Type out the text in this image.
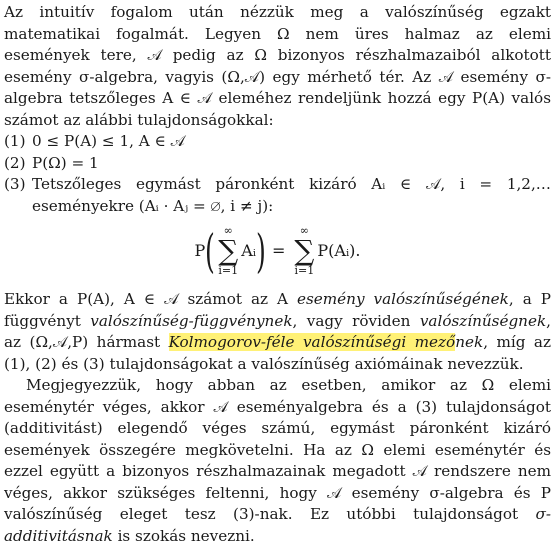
Az intuitív fogalom után nézzük meg a valószínűség egzakt matematikai fogalmát. Legyen Ω nem üres halmaz az elemi események tere, 𝒜 pedig az Ω bizonyos részhalmazaiból alkotott esemény σ-algebra, vagyis (Ω,𝒜) egy mérhető tér. Az 𝒜 esemény σ-algebra tetszőleges A ∈ 𝒜 eleméhez rendeljünk hozzá egy P(A) valós számot az alábbi tulajdonságokkal:

(1) 0 ≤ P(A) ≤ 1, A ∈ 𝒜
(2) P(Ω) = 1
(3) Tetszőleges egymást páronként kizáró Aᵢ ∈ 𝒜, i = 1,2,… eseményekre (Aᵢ · Aⱼ = ∅, i ≠ j):
P ( ∞
∑
i=1
Aᵢ ) =
∞
∑
i=1
P(Aᵢ).

Ekkor a P(A), A ∈ 𝒜 számot az A esemény valószínűségének, a P függvényt valószínűség-függvénynek, vagy röviden valószínűségnek, az (Ω,𝒜,P) hármast Kolmogorov-féle valószínűségi mezőnek, míg az (1), (2) és (3) tulajdonságokat a valószínűség axiómáinak nevezzük.

Megjegyezzük, hogy abban az esetben, amikor az Ω elemi eseménytér véges, akkor 𝒜 eseményalgebra és a (3) tulajdonságot (additivitást) elegendő véges számú, egymást páronként kizáró események összegére megkövetelni. Ha az Ω elemi eseménytér és ezzel együtt a bizonyos részhalmazainak megadott 𝒜 rendszere nem véges, akkor szükséges feltenni, hogy 𝒜 esemény σ-algebra és P valószínűség eleget tesz (3)-nak. Ez utóbbi tulajdonságot σ-additivitásnak is szokás nevezni.
